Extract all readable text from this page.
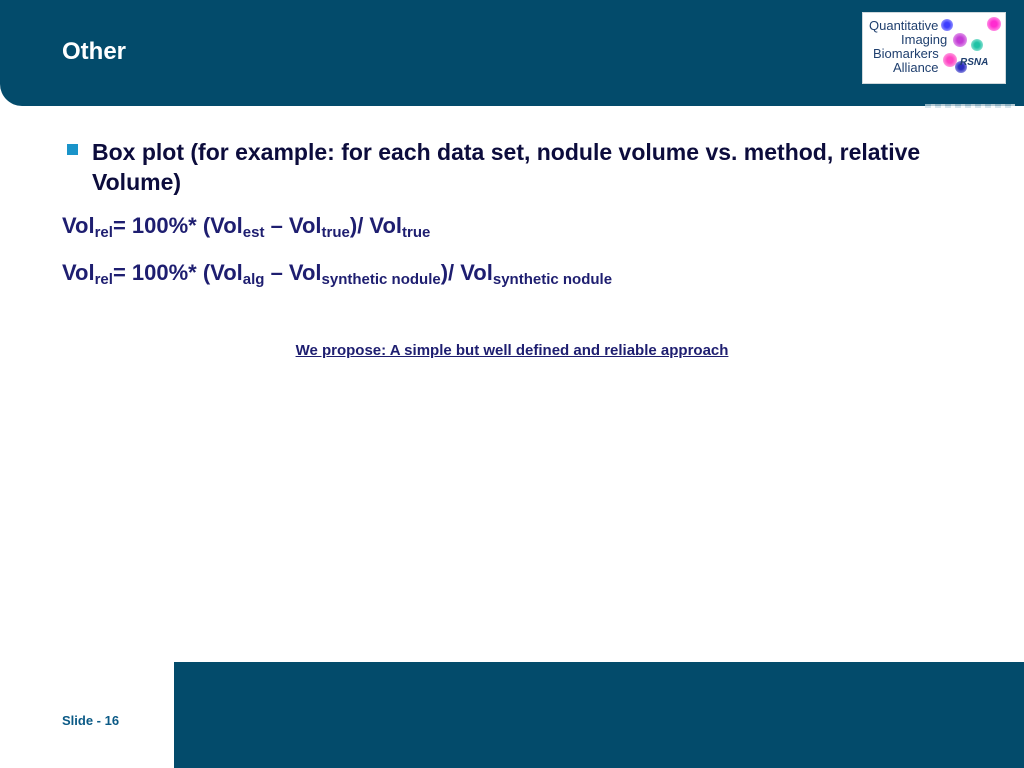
Other
Quantitative
Imaging
Biomarkers
Alliance RSNA
Box plot (for example: for each data set, nodule volume vs. method, relative Volume)
Vol$_{rel}$= 100%* (Vol$_{est}$ – Vol$_{true}$)/ Vol$_{true}$
Vol$_{rel}$= 100%* (Vol$_{alg}$ – Vol$_{synthetic nodule}$)/ Vol$_{synthetic nodule}$
We propose: A simple but well defined and reliable approach
Slide - 16
